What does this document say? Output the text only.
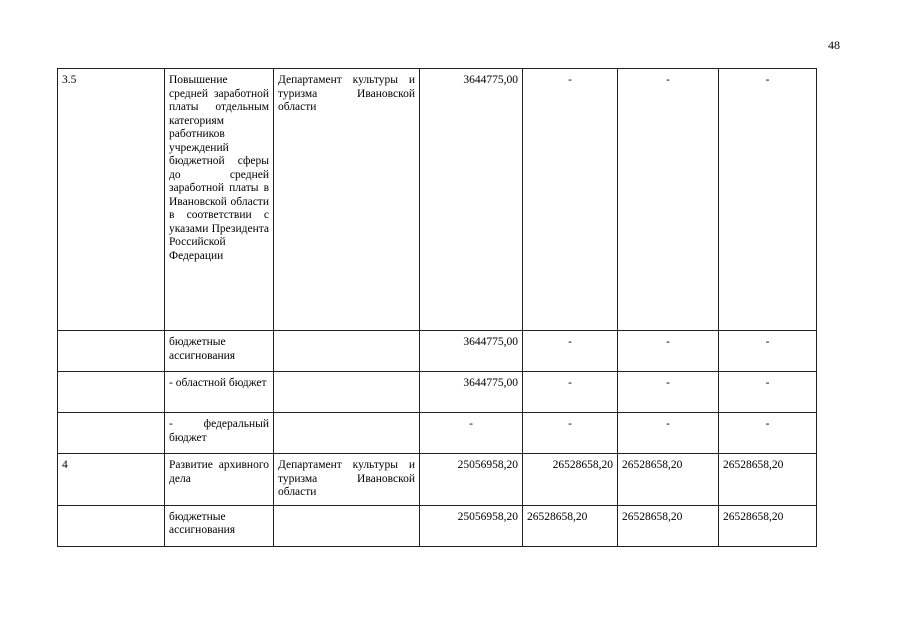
48
3.5	Повышение средней заработной платы отдельным категориям работников учреждений бюджетной сферы до средней заработной платы в Ивановской области в соответствии с указами Президента Российской Федерации	Департамент культуры и туризма Ивановской области	3644775,00	-	-	-
	бюджетные ассигнования		3644775,00	-	-	-
	- областной бюджет		3644775,00	-	-	-
	- федеральный бюджет		-	-	-	-
4	Развитие архивного дела	Департамент культуры и туризма Ивановской области	25056958,20	26528658,20	26528658,20	26528658,20
	бюджетные ассигнования		25056958,20	26528658,20	26528658,20	26528658,20
